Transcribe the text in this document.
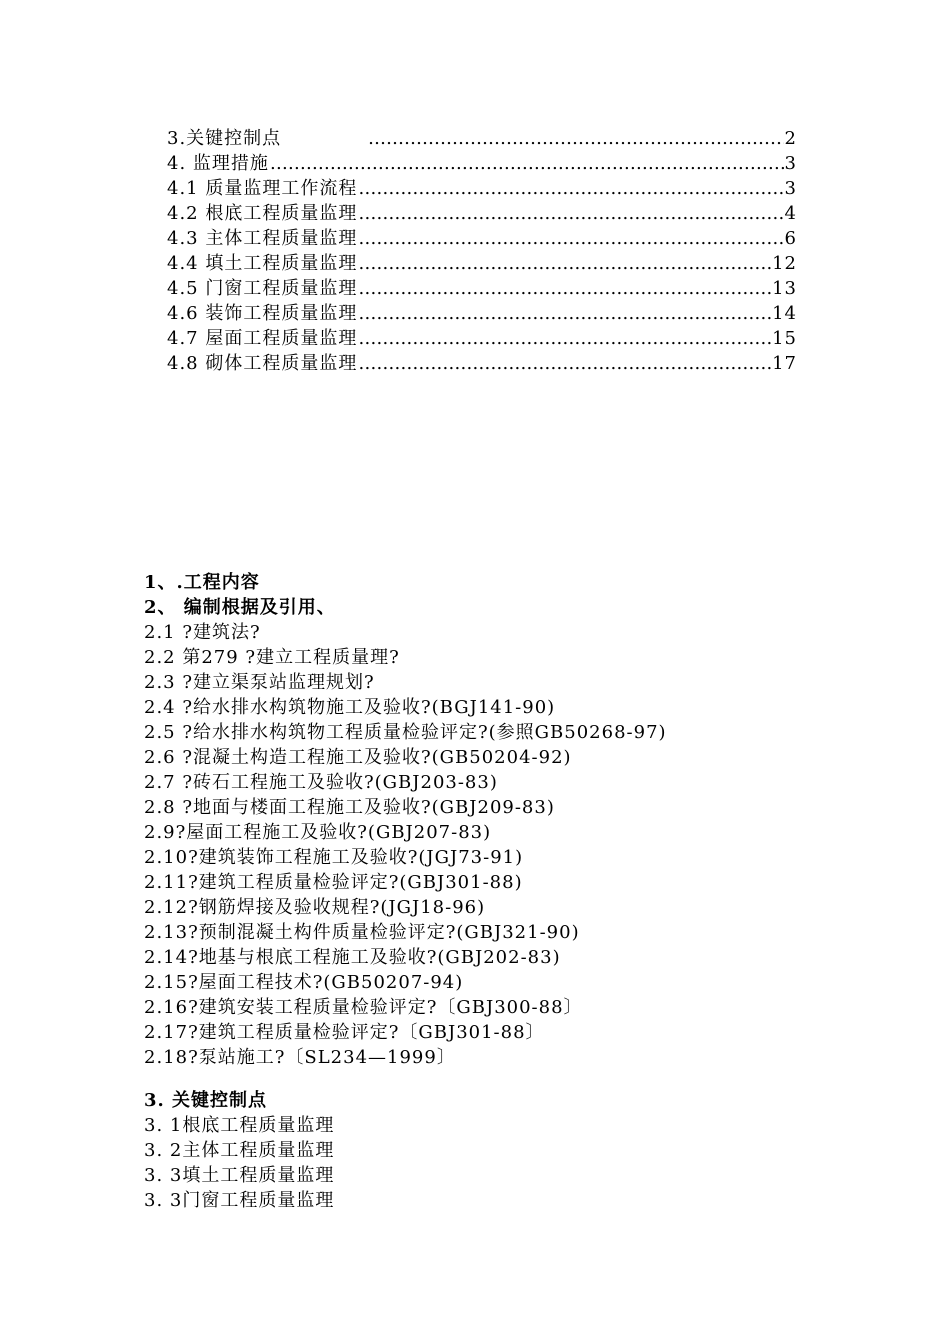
3.关键控制点 …………………………………………………………………………………………………………………………………………	2
4. 监理措施 …………………………………………………………………………………………………………………………………………	3
4.1 质量监理工作流程 …………………………………………………………………………………………………………………………………………	3
4.2 根底工程质量监理 …………………………………………………………………………………………………………………………………………	4
4.3 主体工程质量监理 …………………………………………………………………………………………………………………………………………	6
4.4 填土工程质量监理 …………………………………………………………………………………………………………………………………………	12
4.5 门窗工程质量监理 …………………………………………………………………………………………………………………………………………	13
4.6 装饰工程质量监理 …………………………………………………………………………………………………………………………………………	14
4.7 屋面工程质量监理 …………………………………………………………………………………………………………………………………………	15
4.8 砌体工程质量监理 …………………………………………………………………………………………………………………………………………	17
1、.工程内容
2、 编制根据及引用、
2.1 ?建筑法?
2.2 第279 ?建立工程质量理?
2.3 ?建立渠泵站监理规划?
2.4 ?给水排水构筑物施工及验收?(BGJ141-90)
2.5 ?给水排水构筑物工程质量检验评定?(参照GB50268-97)
2.6 ?混凝土构造工程施工及验收?(GB50204-92)
2.7 ?砖石工程施工及验收?(GBJ203-83)
2.8 ?地面与楼面工程施工及验收?(GBJ209-83)
2.9?屋面工程施工及验收?(GBJ207-83)
2.10?建筑装饰工程施工及验收?(JGJ73-91)
2.11?建筑工程质量检验评定?(GBJ301-88)
2.12?钢筋焊接及验收规程?(JGJ18-96)
2.13?预制混凝土构件质量检验评定?(GBJ321-90)
2.14?地基与根底工程施工及验收?(GBJ202-83)
2.15?屋面工程技术?(GB50207-94)
2.16?建筑安装工程质量检验评定?〔GBJ300-88〕
2.17?建筑工程质量检验评定?〔GBJ301-88〕
2.18?泵站施工?〔SL234—1999〕
3. 关键控制点
3. 1根底工程质量监理
3. 2主体工程质量监理
3. 3填土工程质量监理
3. 3门窗工程质量监理
